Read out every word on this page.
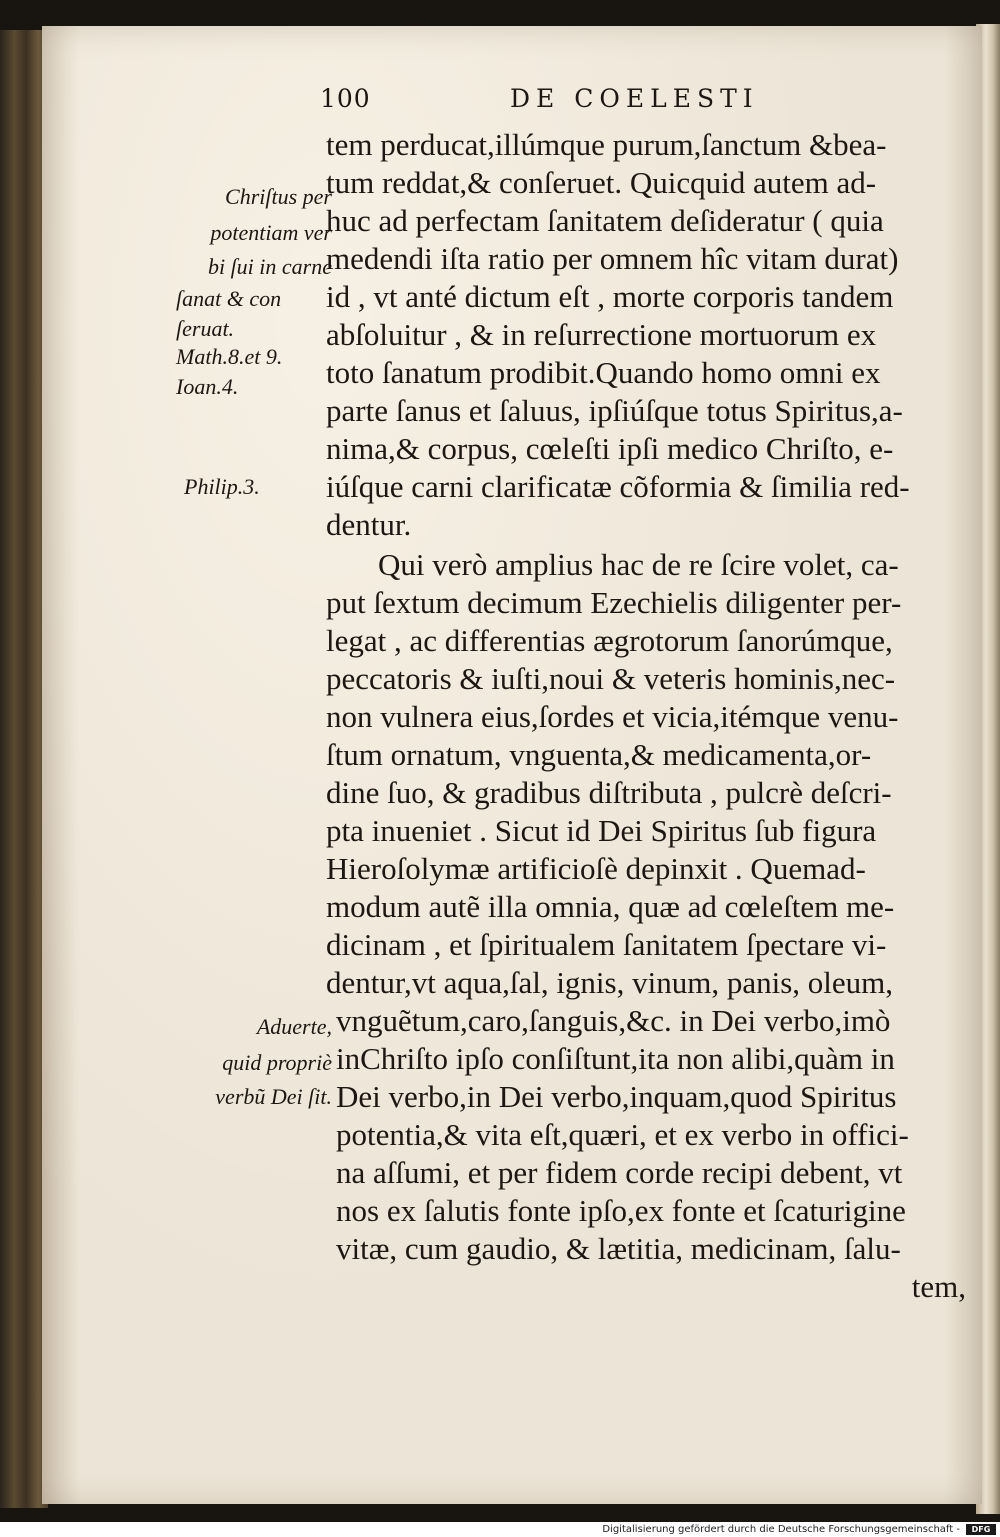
100	DE COELESTI
tem perducat,illúmque purum,ſanctum &bea-
tum reddat,& conſeruet. Quicquid autem ad-
huc ad perfectam ſanitatem deſideratur ( quia
medendi iſta ratio per omnem hîc vitam durat)
id , vt anté dictum eſt , morte corporis tandem
abſoluitur , & in reſurrectione mortuorum ex
toto ſanatum prodibit.Quando homo omni ex
parte ſanus et ſaluus, ipſiúſque totus Spiritus,a-
nima,& corpus, cœleſti ipſi medico Chriſto, e-
iúſque carni clarificatæ cõformia & ſimilia red-
dentur.
Qui verò amplius hac de re ſcire volet, ca-
put ſextum decimum Ezechielis diligenter per-
legat , ac differentias ægrotorum ſanorúmque,
peccatoris & iuſti,noui & veteris hominis,nec-
non vulnera eius,ſordes et vicia,itémque venu-
ſtum ornatum, vnguenta,& medicamenta,or-
dine ſuo, & gradibus diſtributa , pulcrè deſcri-
pta inueniet . Sicut id Dei Spiritus ſub figura
Hieroſolymæ artificioſè depinxit . Quemad-
modum autẽ illa omnia, quæ ad cœleſtem me-
dicinam , et ſpiritualem ſanitatem ſpectare vi-
dentur,vt aqua,ſal, ignis, vinum, panis, oleum,
vnguẽtum,caro,ſanguis,&c. in Dei verbo,imò
inChriſto ipſo conſiſtunt,ita non alibi,quàm in
Dei verbo,in Dei verbo,inquam,quod Spiritus
potentia,& vita eſt,quæri, et ex verbo in offici-
na aſſumi, et per fidem corde recipi debent, vt
nos ex ſalutis fonte ipſo,ex fonte et ſcaturigine
vitæ, cum gaudio, & lætitia, medicinam, ſalu-
tem,
Chriſtus per
potentiam ver
bi ſui in carne
ſanat & con
ſeruat.
Math.8.et 9.
Ioan.4.
Philip.3.
Aduerte,
quid propriè
verbũ Dei ſit.
Digitalisierung gefördert durch die Deutsche Forschungsgemeinschaft -	DFG
